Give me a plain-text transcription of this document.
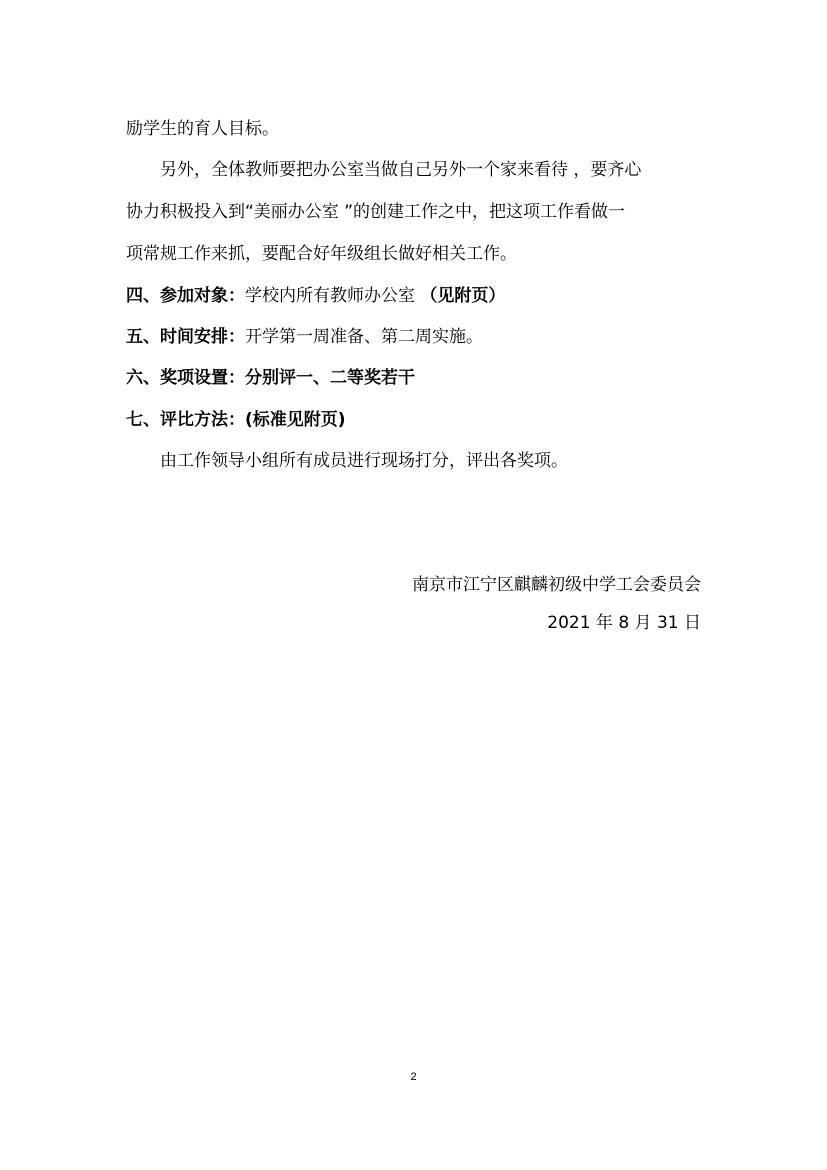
励学生的育人目标。
另外，全体教师要把办公室当做自己另外一个家来看待 ，要齐心
协力积极投入到“美丽办公室 ”的创建工作之中，把这项工作看做一
项常规工作来抓，要配合好年级组长做好相关工作。
四、参加对象：学校内所有教师办公室 （见附页）
五、时间安排：开学第一周准备、第二周实施。
六、奖项设置：分别评一、二等奖若干
七、评比方法：(标准见附页)
由工作领导小组所有成员进行现场打分，评出各奖项。
南京市江宁区麒麟初级中学工会委员会
2021 年 8 月 31 日
2
